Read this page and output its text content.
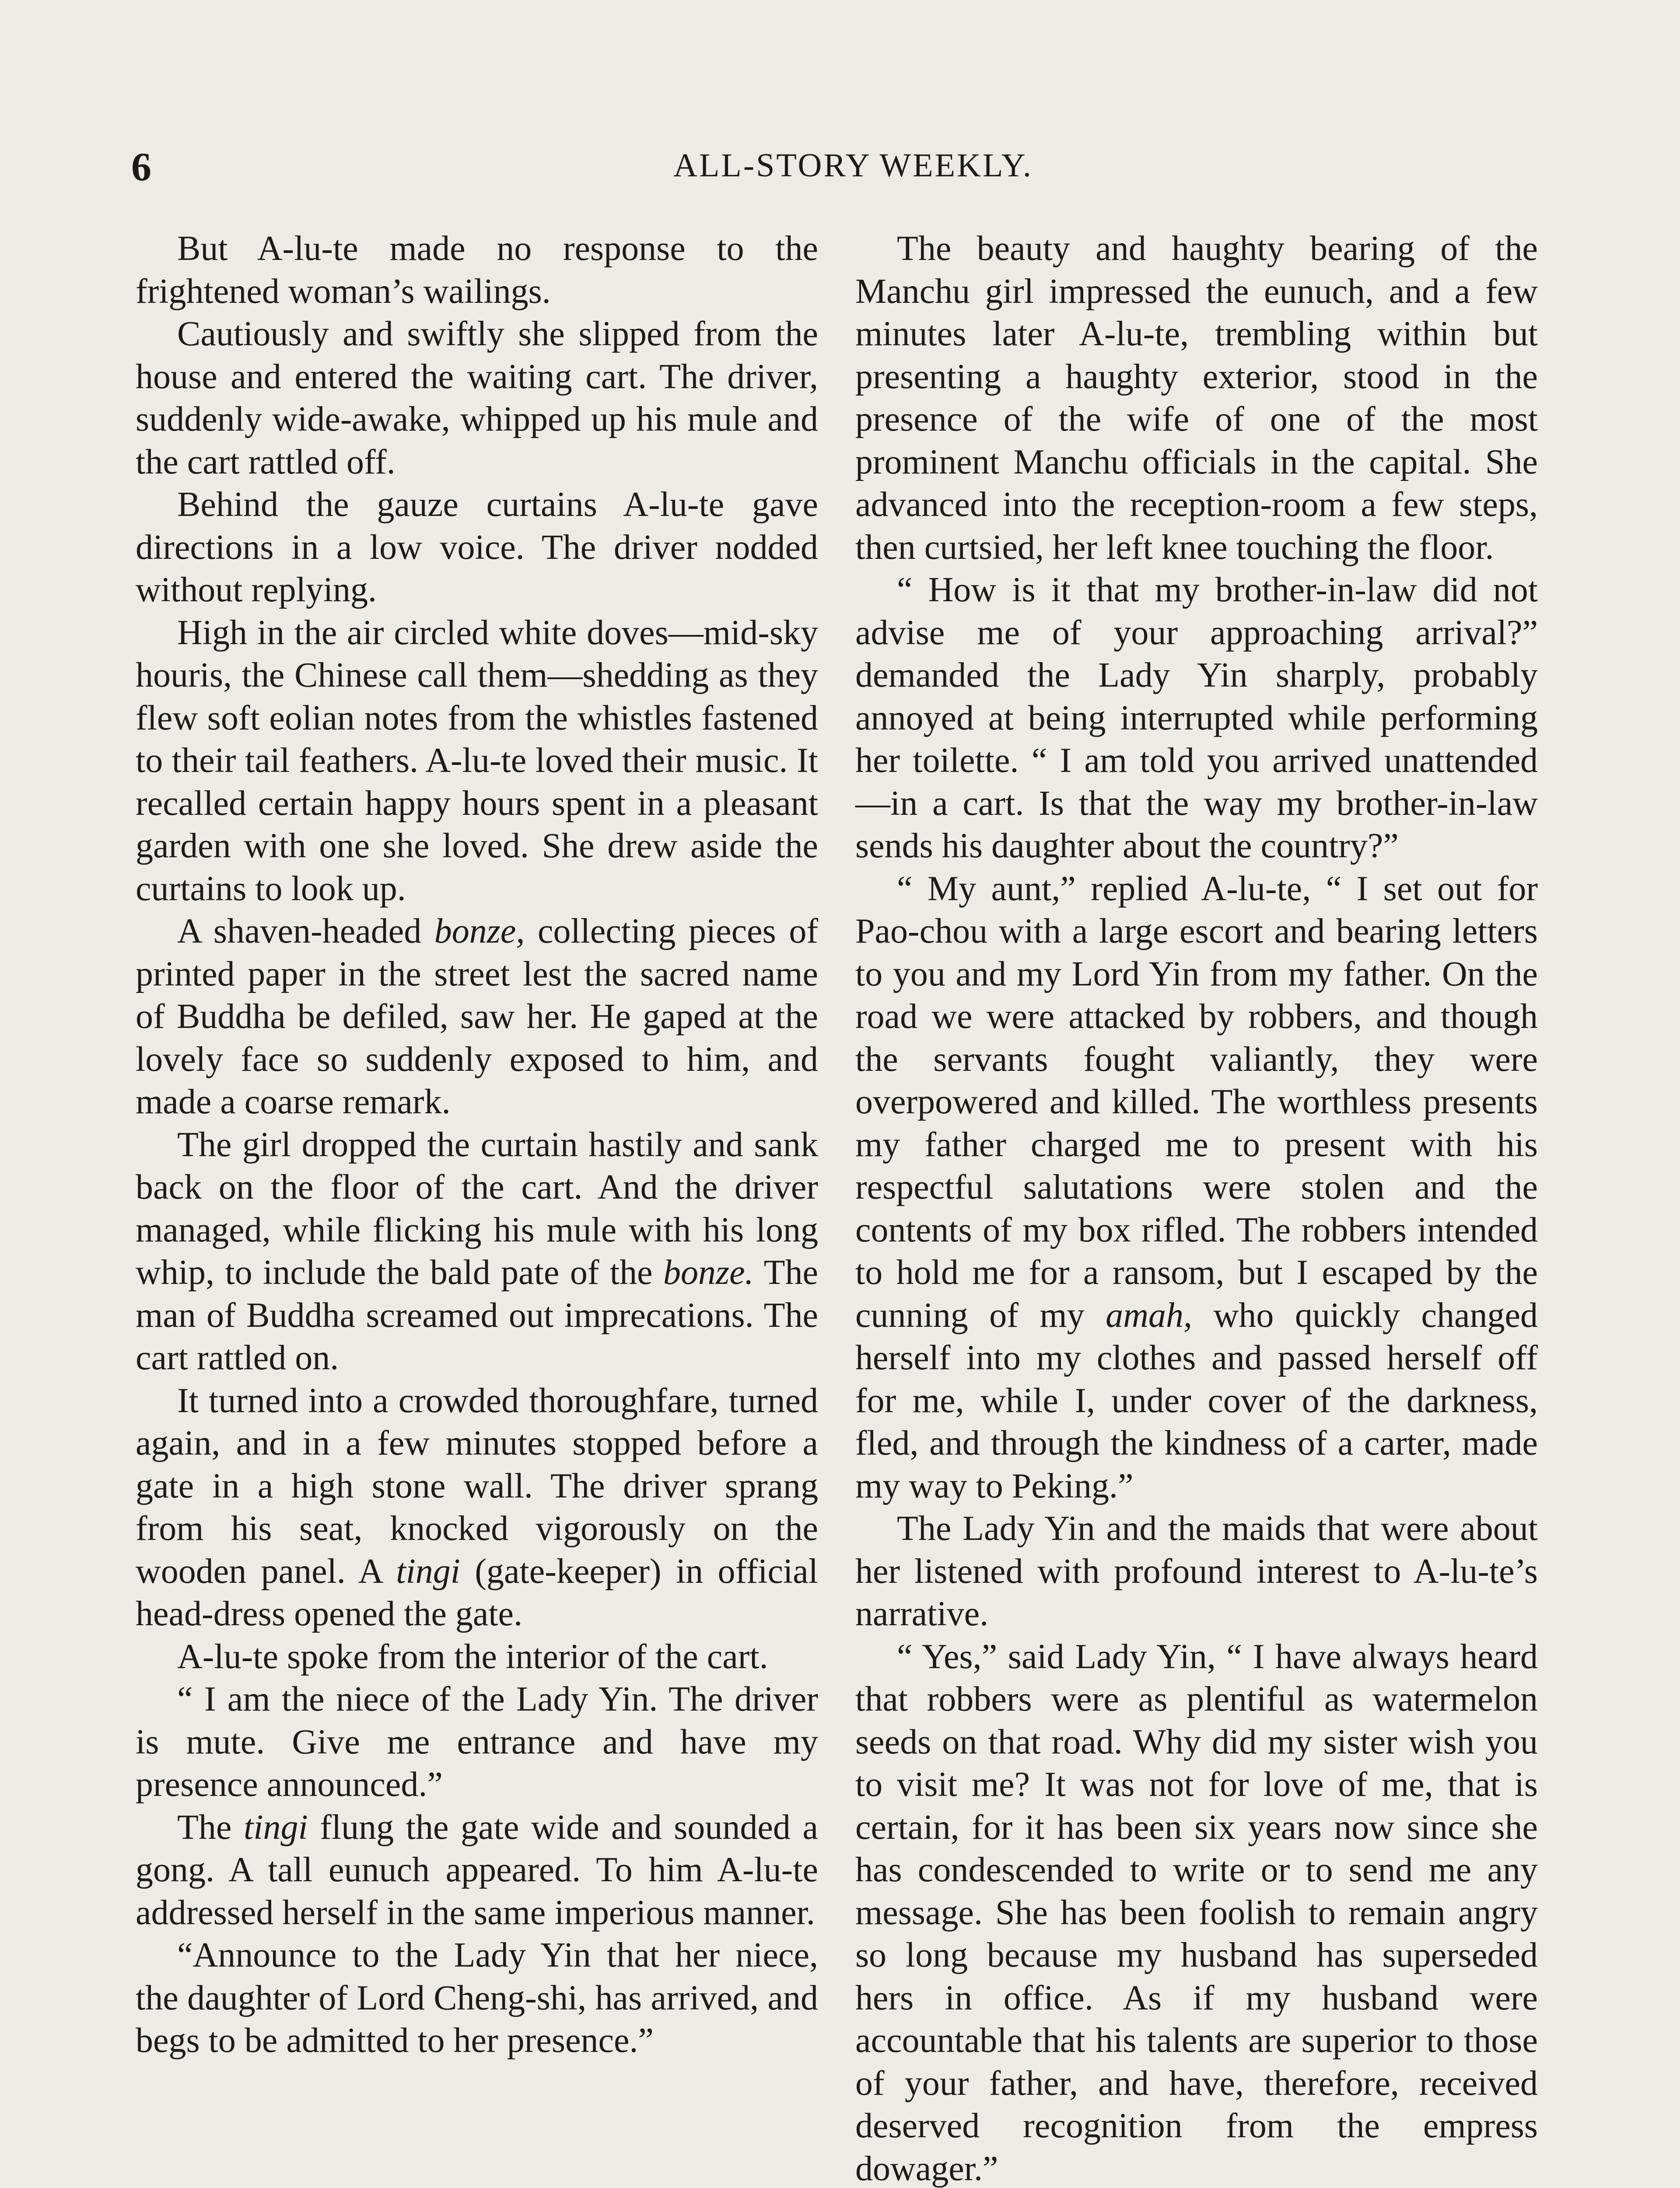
6	ALL-STORY WEEKLY.

But A-lu-te made no response to the frightened woman’s wailings.

Cautiously and swiftly she slipped from the house and entered the waiting cart. The driver, suddenly wide-awake, whipped up his mule and the cart rattled off.

Behind the gauze curtains A-lu-te gave directions in a low voice. The driver nodded without replying.

High in the air circled white doves—mid-sky houris, the Chinese call them—shedding as they flew soft eolian notes from the whistles fastened to their tail feathers. A-lu-te loved their music. It recalled certain happy hours spent in a pleasant garden with one she loved. She drew aside the curtains to look up.

A shaven-headed bonze, collecting pieces of printed paper in the street lest the sacred name of Buddha be defiled, saw her. He gaped at the lovely face so suddenly exposed to him, and made a coarse remark.

The girl dropped the curtain hastily and sank back on the floor of the cart. And the driver managed, while flicking his mule with his long whip, to include the bald pate of the bonze. The man of Buddha screamed out imprecations. The cart rattled on.

It turned into a crowded thoroughfare, turned again, and in a few minutes stopped before a gate in a high stone wall. The driver sprang from his seat, knocked vigorously on the wooden panel. A tingi (gate-keeper) in official head-dress opened the gate.

A-lu-te spoke from the interior of the cart.

“ I am the niece of the Lady Yin. The driver is mute. Give me entrance and have my presence announced.”

The tingi flung the gate wide and sounded a gong. A tall eunuch appeared. To him A-lu-te addressed herself in the same imperious manner.

“Announce to the Lady Yin that her niece, the daughter of Lord Cheng-shi, has arrived, and begs to be admitted to her presence.”

The beauty and haughty bearing of the Manchu girl impressed the eunuch, and a few minutes later A-lu-te, trembling within but presenting a haughty exterior, stood in the presence of the wife of one of the most prominent Manchu officials in the capital. She advanced into the reception-room a few steps, then curtsied, her left knee touching the floor.

“ How is it that my brother-in-law did not advise me of your approaching arrival?” demanded the Lady Yin sharply, probably annoyed at being interrupted while performing her toilette. “ I am told you arrived unattended—in a cart. Is that the way my brother-in-law sends his daughter about the country?”

“ My aunt,” replied A-lu-te, “ I set out for Pao-chou with a large escort and bearing letters to you and my Lord Yin from my father. On the road we were attacked by robbers, and though the servants fought valiantly, they were overpowered and killed. The worthless presents my father charged me to present with his respectful salutations were stolen and the contents of my box rifled. The robbers intended to hold me for a ransom, but I escaped by the cunning of my amah, who quickly changed herself into my clothes and passed herself off for me, while I, under cover of the darkness, fled, and through the kindness of a carter, made my way to Peking.”

The Lady Yin and the maids that were about her listened with profound interest to A-lu-te’s narrative.

“ Yes,” said Lady Yin, “ I have always heard that robbers were as plentiful as watermelon seeds on that road. Why did my sister wish you to visit me? It was not for love of me, that is certain, for it has been six years now since she has condescended to write or to send me any message. She has been foolish to remain angry so long because my husband has superseded hers in office. As if my husband were accountable that his talents are superior to those of your father, and have, therefore, received deserved recognition from the empress dowager.”
